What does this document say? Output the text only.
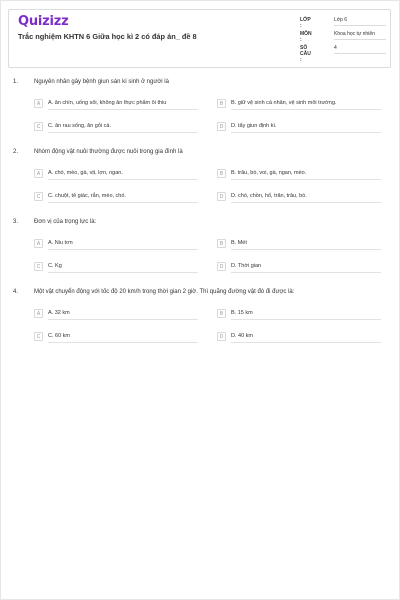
Quizizz
Trắc nghiệm KHTN 6 Giữa học kì 2 có đáp án_ đề 8
LỚP :
Lớp 6
MÔN :
Khoa học tự nhiên
SỐ CÂU :
4
1.	Nguyên nhân gây bệnh giun sán kí sinh ở người là
A	A. ăn chín, uống sôi, không ăn thực phẩm ôi thiu	B	B. giữ vệ sinh cá nhân, vệ sinh môi trường.
C	C. ăn rau sống, ăn gỏi cá.	D	D. tẩy giun định kì.
2.	Nhóm động vật nuôi thường được nuôi trong gia đình là
A	A. chó, mèo, gà, vịt, lợn, ngan.	B	B. trâu, bò, voi, gà, ngan, mèo.
C	C. chuột, tê giác, rắn, mèo, chó.	D	D. chó, chồn, hổ, trăn, trâu, bò.
3.	Đơn vị của trọng lực là:
A	A. Niu tơn	B	B. Mét
C	C. Kg	D	D. Thời gian
4.	Một vật chuyển động với tốc độ 20 km/h trong thời gian 2 giờ. Thì quãng đường vật đó đi được là:
A	A. 32 km	B	B. 15 km
C	C. 60 km	D	D. 40 km
